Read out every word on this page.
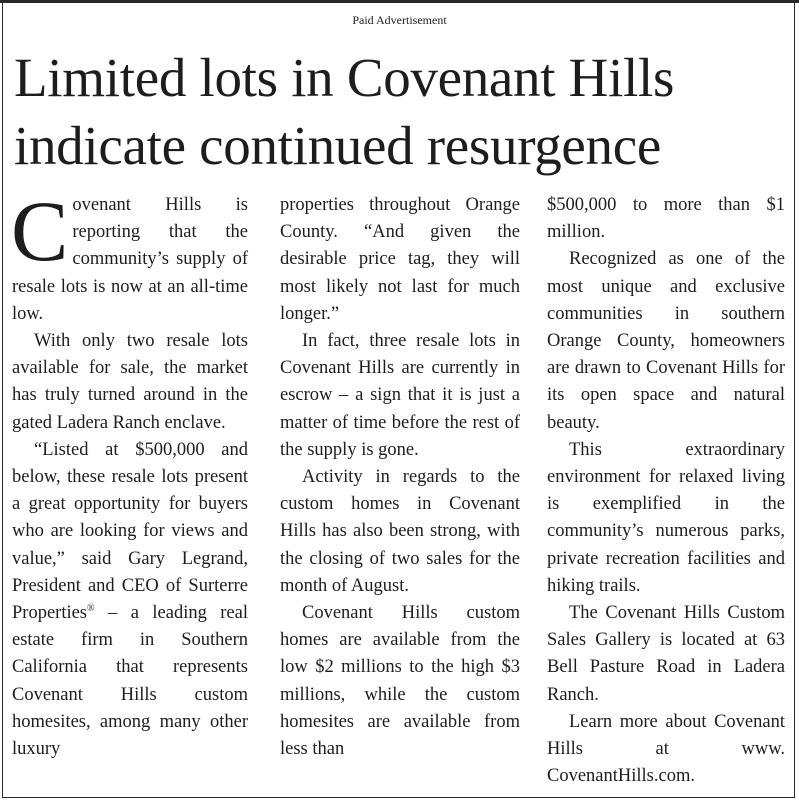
Paid Advertisement
Limited lots in Covenant Hills
indicate continued resurgence

Covenant Hills is reporting that the community’s supply of resale lots is now at an all-time low.

With only two resale lots available for sale, the market has truly turned around in the gated Ladera Ranch enclave.

“Listed at $500,000 and below, these resale lots present a great opportunity for buyers who are looking for views and value,” said Gary Legrand, President and CEO of Surterre Properties® – a leading real estate firm in Southern California that represents Covenant Hills custom homesites, among many other luxury

properties throughout Orange County. “And given the desirable price tag, they will most likely not last for much longer.”

In fact, three resale lots in Covenant Hills are currently in escrow – a sign that it is just a matter of time before the rest of the supply is gone.

Activity in regards to the custom homes in Covenant Hills has also been strong, with the closing of two sales for the month of August.

Covenant Hills custom homes are available from the low $2 millions to the high $3 millions, while the custom homesites are available from less than

$500,000 to more than $1 million.

Recognized as one of the most unique and exclusive communities in southern Orange County, homeowners are drawn to Covenant Hills for its open space and natural beauty.

This extraordinary environment for relaxed living is exemplified in the community’s numerous parks, private recreation facilities and hiking trails.

The Covenant Hills Custom Sales Gallery is located at 63 Bell Pasture Road in Ladera Ranch.

Learn more about Covenant Hills at www. CovenantHills.com.
